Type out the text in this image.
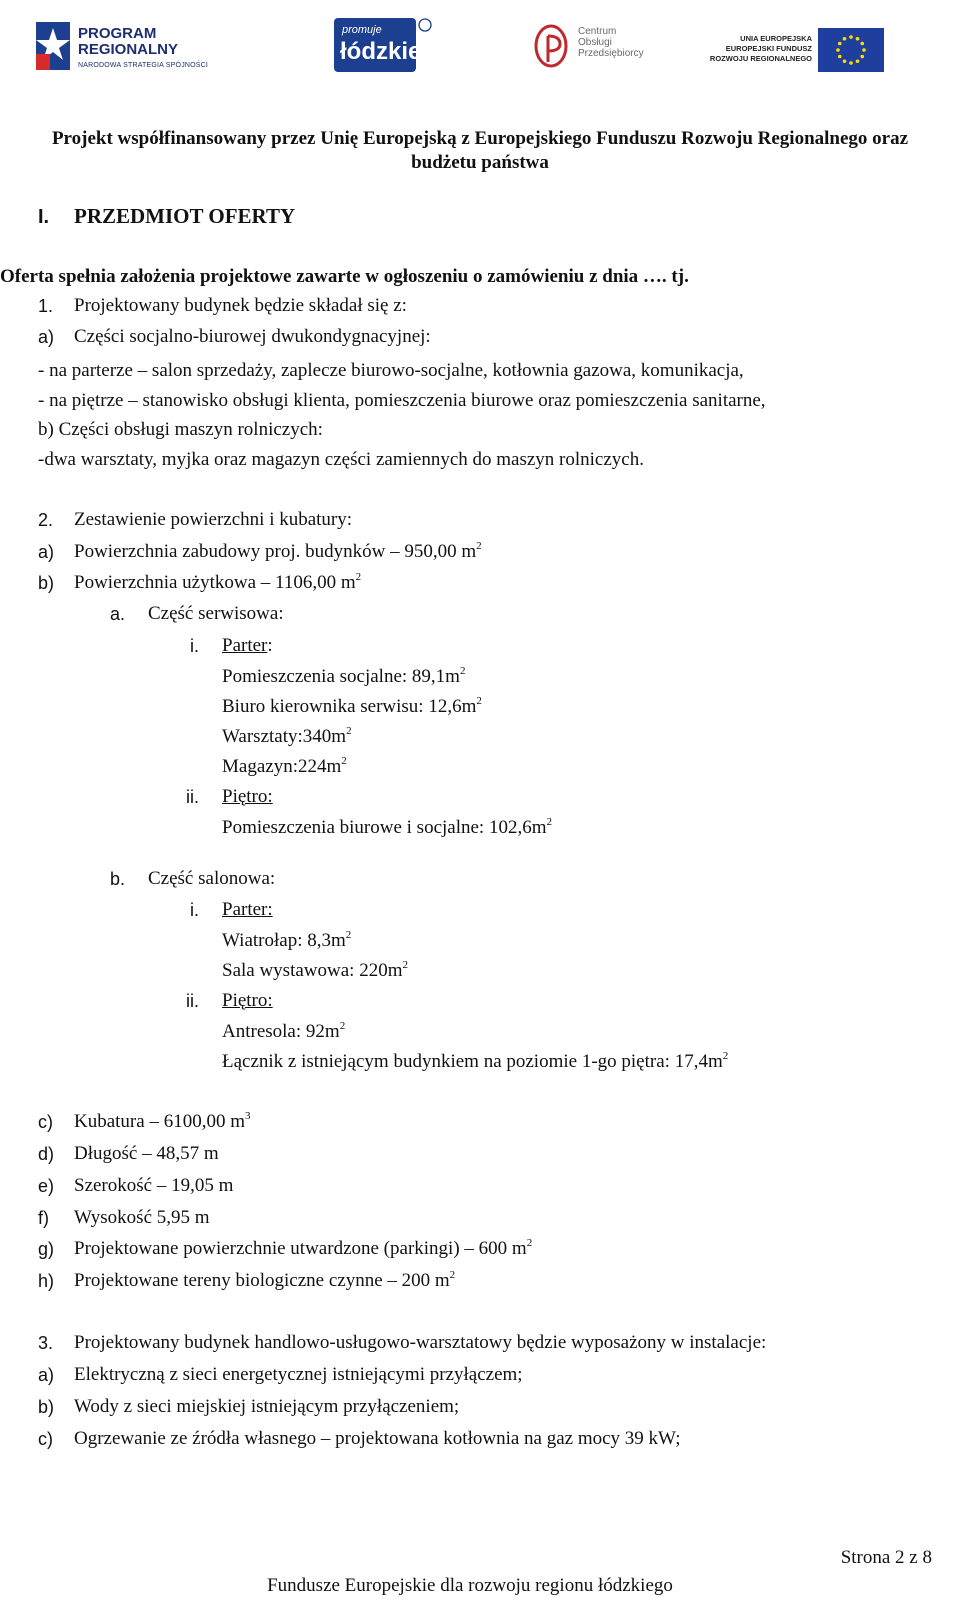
PROGRAM
REGIONALNY
NARODOWA STRATEGIA SPÓJNOŚCI
promuje
łódzkie
Centrum
Obsługi
Przedsiębiorcy
UNIA EUROPEJSKA
EUROPEJSKI FUNDUSZ
ROZWOJU REGIONALNEGO
Projekt współfinansowany przez Unię Europejską z Europejskiego Funduszu Rozwoju Regionalnego oraz
budżetu państwa
I. PRZEDMIOT OFERTY
Oferta spełnia założenia projektowe zawarte w ogłoszeniu o zamówieniu z dnia …. tj.
1. Projektowany budynek będzie składał się z:
a) Części socjalno-biurowej dwukondygnacyjnej:
- na parterze – salon sprzedaży, zaplecze biurowo-socjalne, kotłownia gazowa, komunikacja,
- na piętrze – stanowisko obsługi klienta, pomieszczenia biurowe oraz pomieszczenia sanitarne,
b) Części obsługi maszyn rolniczych:
-dwa warsztaty, myjka oraz magazyn części zamiennych do maszyn rolniczych.
2. Zestawienie powierzchni i kubatury:
a) Powierzchnia zabudowy proj. budynków – 950,00 $m^2$
b) Powierzchnia użytkowa – 1106,00 $m^2$
a. Część serwisowa:
i. Parter:
Pomieszczenia socjalne: $89,1m^2$
Biuro kierownika serwisu: $12,6m^2$
$Warsztaty:340m^2$
$Magazyn:224m^2$
ii. Piętro:
Pomieszczenia biurowe i socjalne: $102,6m^2$
b. Część salonowa:
i. Parter:
Wiatrołap: $8,3m^2$
Sala wystawowa: $220m^2$
ii. Piętro:
Antresola: $92m^2$
Łącznik z istniejącym budynkiem na poziomie 1-go piętra: $17,4m^2$
c) Kubatura – 6100,00 $m^3$
d) Długość – 48,57 m
e) Szerokość – 19,05 m
f) Wysokość 5,95 m
g) Projektowane powierzchnie utwardzone (parkingi) – 600 $m^2$
h) Projektowane tereny biologiczne czynne – 200 $m^2$
3. Projektowany budynek handlowo-usługowo-warsztatowy będzie wyposażony w instalacje:
a) Elektryczną z sieci energetycznej istniejącymi przyłączem;
b) Wody z sieci miejskiej istniejącym przyłączeniem;
c) Ogrzewanie ze źródła własnego – projektowana kotłownia na gaz mocy 39 kW;
Strona 2 z 8
Fundusze Europejskie dla rozwoju regionu łódzkiego
